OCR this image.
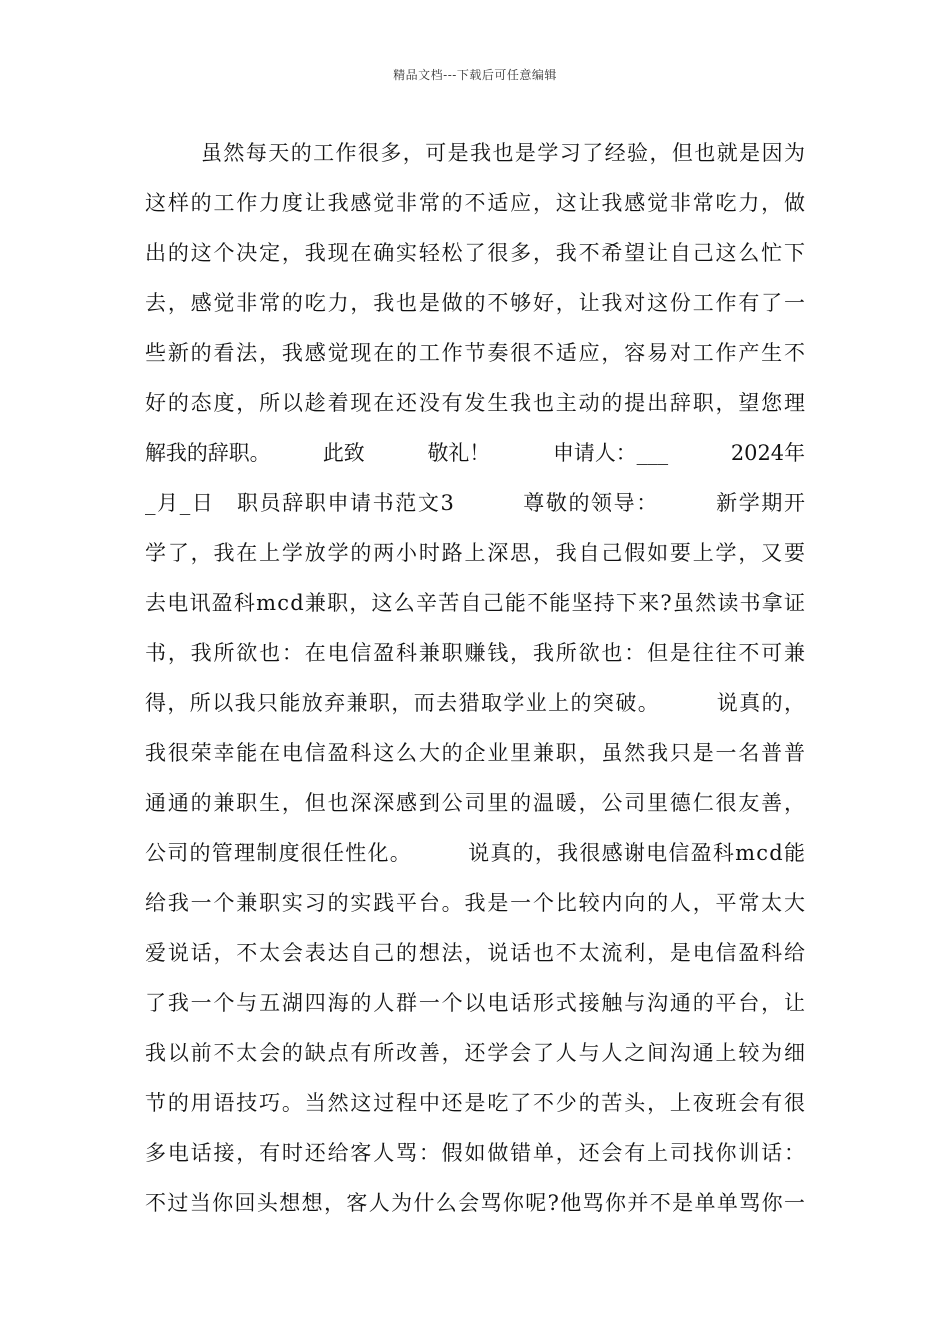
精品文档---下载后可任意编辑
虽然每天的工作很多，可是我也是学习了经验，但也就是因为
这样的工作力度让我感觉非常的不适应，这让我感觉非常吃力，做
出的这个决定，我现在确实轻松了很多，我不希望让自己这么忙下
去，感觉非常的吃力，我也是做的不够好，让我对这份工作有了一
些新的看法，我感觉现在的工作节奏很不适应，容易对工作产生不
好的态度，所以趁着现在还没有发生我也主动的提出辞职，望您理
解我的辞职。　　　此致　　　敬礼！　　　申请人：___　　　2024年
_月_日　职员辞职申请书范文3　　　尊敬的领导：　　　新学期开
学了，我在上学放学的两小时路上深思，我自己假如要上学，又要
去电讯盈科mcd兼职，这么辛苦自己能不能坚持下来?虽然读书拿证
书，我所欲也：在电信盈科兼职赚钱，我所欲也：但是往往不可兼
得，所以我只能放弃兼职，而去猎取学业上的突破。　　　说真的，
我很荣幸能在电信盈科这么大的企业里兼职，虽然我只是一名普普
通通的兼职生，但也深深感到公司里的温暖，公司里德仁很友善，
公司的管理制度很任性化。　　　说真的，我很感谢电信盈科mcd能
给我一个兼职实习的实践平台。我是一个比较内向的人，平常太大
爱说话，不太会表达自己的想法，说话也不太流利，是电信盈科给
了我一个与五湖四海的人群一个以电话形式接触与沟通的平台，让
我以前不太会的缺点有所改善，还学会了人与人之间沟通上较为细
节的用语技巧。当然这过程中还是吃了不少的苦头，上夜班会有很
多电话接，有时还给客人骂：假如做错单，还会有上司找你训话：
不过当你回头想想，客人为什么会骂你呢?他骂你并不是单单骂你一
